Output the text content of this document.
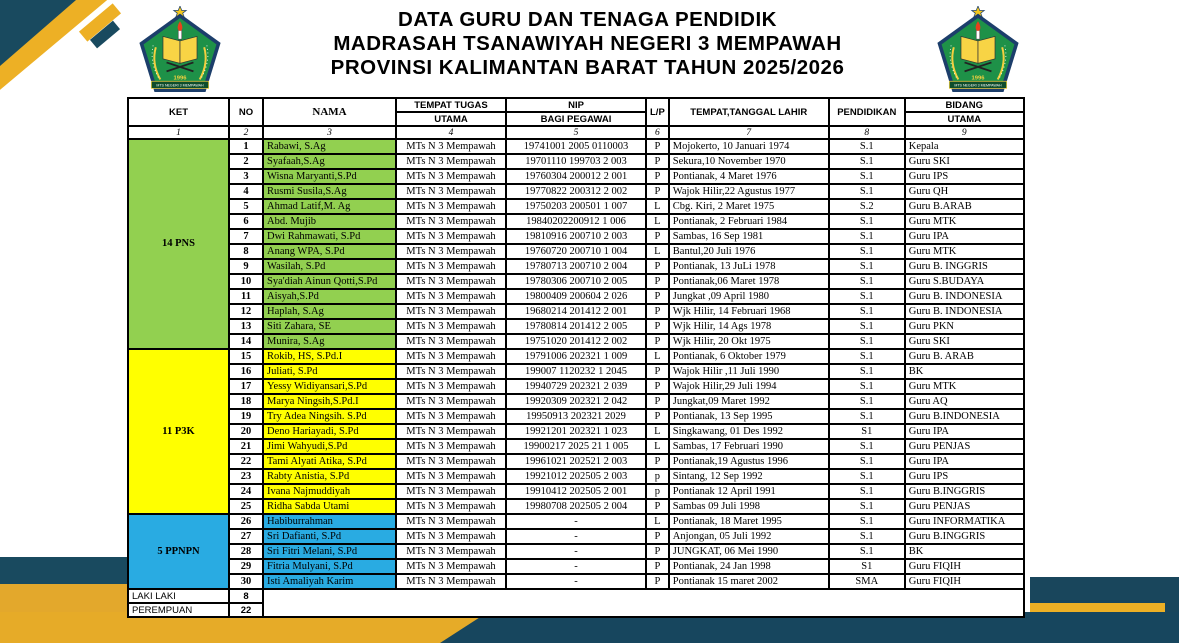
DATA GURU DAN TENAGA PENDIDIK
MADRASAH TSANAWIYAH NEGERI 3 MEMPAWAH
PROVINSI KALIMANTAN BARAT TAHUN 2025/2026
1996
MTS NEGERI 3 MEMPAWAH
1996
MTS NEGERI 3 MEMPAWAH
KET	NO	NAMA	TEMPAT TUGAS	NIP	L/P	TEMPAT,TANGGAL LAHIR	PENDIDIKAN	BIDANG
			UTAMA	BAGI PEGAWAI				UTAMA
1	2	3	4	5	6	7	8	9
14 PNS	1	Rabawi, S.Ag	MTs N 3 Mempawah	19741001 2005 0110003	P	Mojokerto, 10 Januari 1974	S.1	Kepala
	2	Syafaah,S.Ag	MTs N 3 Mempawah	19701110 199703 2 003	P	Sekura,10 November 1970	S.1	Guru SKI
	3	Wisna Maryanti,S.Pd	MTs N 3 Mempawah	19760304 200012 2 001	P	Pontianak, 4 Maret 1976	S.1	Guru IPS
	4	Rusmi Susila,S.Ag	MTs N 3 Mempawah	19770822 200312 2 002	P	Wajok Hilir,22 Agustus 1977	S.1	Guru QH
	5	Ahmad Latif,M. Ag	MTs N 3 Mempawah	19750203 200501 1 007	L	Cbg. Kiri, 2 Maret 1975	S.2	Guru B.ARAB
	6	Abd. Mujib	MTs N 3 Mempawah	19840202200912 1 006	L	Pontianak, 2 Februari 1984	S.1	Guru MTK
	7	Dwi Rahmawati, S.Pd	MTs N 3 Mempawah	19810916 200710 2 003	P	Sambas, 16 Sep 1981	S.1	Guru IPA
	8	Anang WPA, S.Pd	MTs N 3 Mempawah	19760720 200710 1 004	L	Bantul,20 Juli 1976	S.1	Guru MTK
	9	Wasilah, S.Pd	MTs N 3 Mempawah	19780713 200710 2 004	P	Pontianak, 13 JuLi 1978	S.1	Guru B. INGGRIS
	10	Sya'diah Ainun Qotti,S.Pd	MTs N 3 Mempawah	19780306 200710 2 005	P	Pontianak,06 Maret 1978	S.1	Guru S.BUDAYA
	11	Aisyah,S.Pd	MTs N 3 Mempawah	19800409 200604 2 026	P	Jungkat ,09 April 1980	S.1	Guru B. INDONESIA
	12	Haplah, S.Ag	MTs N 3 Mempawah	19680214 201412 2 001	P	Wjk Hilir, 14 Februari 1968	S.1	Guru B. INDONESIA
	13	Siti Zahara, SE	MTs N 3 Mempawah	19780814 201412 2 005	P	Wjk Hilir, 14 Ags 1978	S.1	Guru PKN
	14	Munira, S.Ag	MTs N 3 Mempawah	19751020 201412 2 002	P	Wjk Hilir, 20 Okt 1975	S.1	Guru SKI
11 P3K	15	Rokib, HS, S.Pd.I	MTs N 3 Mempawah	19791006 202321 1 009	L	Pontianak, 6 Oktober 1979	S.1	Guru B. ARAB
	16	Juliati, S.Pd	MTs N 3 Mempawah	199007 1120232 1 2045	P	Wajok Hilir ,11 Juli 1990	S.1	BK
	17	Yessy Widiyansari,S.Pd	MTs N 3 Mempawah	19940729 202321 2 039	P	Wajok Hilir,29 Juli 1994	S.1	Guru MTK
	18	Marya Ningsih,S.Pd.I	MTs N 3 Mempawah	19920309 202321 2 042	P	Jungkat,09 Maret 1992	S.1	Guru AQ
	19	Try Adea Ningsih. S.Pd	MTs N 3 Mempawah	19950913 202321 2029	P	Pontianak, 13 Sep 1995	S.1	Guru B.INDONESIA
	20	Deno Hariayadi, S.Pd	MTs N 3 Mempawah	19921201 202321 1 023	L	Singkawang, 01 Des 1992	S1	Guru IPA
	21	Jimi Wahyudi,S.Pd	MTs N 3 Mempawah	19900217 2025 21 1 005	L	Sambas, 17 Februari 1990	S.1	Guru PENJAS
	22	Tami Alyati Atika, S.Pd	MTs N 3 Mempawah	19961021 202521 2 003	P	Pontianak,19 Agustus 1996	S.1	Guru IPA
	23	Rabty Anistia, S.Pd	MTs N 3 Mempawah	19921012 202505 2 003	p	Sintang, 12 Sep 1992	S.1	Guru IPS
	24	Ivana Najmuddiyah	MTs N 3 Mempawah	19910412 202505 2 001	p	Pontianak 12 April 1991	S.1	Guru B.INGGRIS
	25	Ridha Sabda Utami	MTs N 3 Mempawah	19980708 202505 2 004	P	Sambas 09 Juli 1998	S.1	Guru PENJAS
5 PPNPN	26	Habiburrahman	MTs N 3 Mempawah	-	L	Pontianak, 18 Maret 1995	S.1	Guru INFORMATIKA
	27	Sri Dafianti, S.Pd	MTs N 3 Mempawah	-	P	Anjongan, 05 Juli 1992	S.1	Guru B.INGGRIS
	28	Sri Fitri Melani, S.Pd	MTs N 3 Mempawah	-	P	JUNGKAT, 06 Mei 1990	S.1	BK
	29	Fitria Mulyani, S.Pd	MTs N 3 Mempawah	-	P	Pontianak, 24 Jan 1998	S1	Guru FIQIH
	30	Isti Amaliyah Karim	MTs N 3 Mempawah	-	P	Pontianak 15 maret 2002	SMA	Guru FIQIH
LAKI LAKI	8							
PEREMPUAN	22							
